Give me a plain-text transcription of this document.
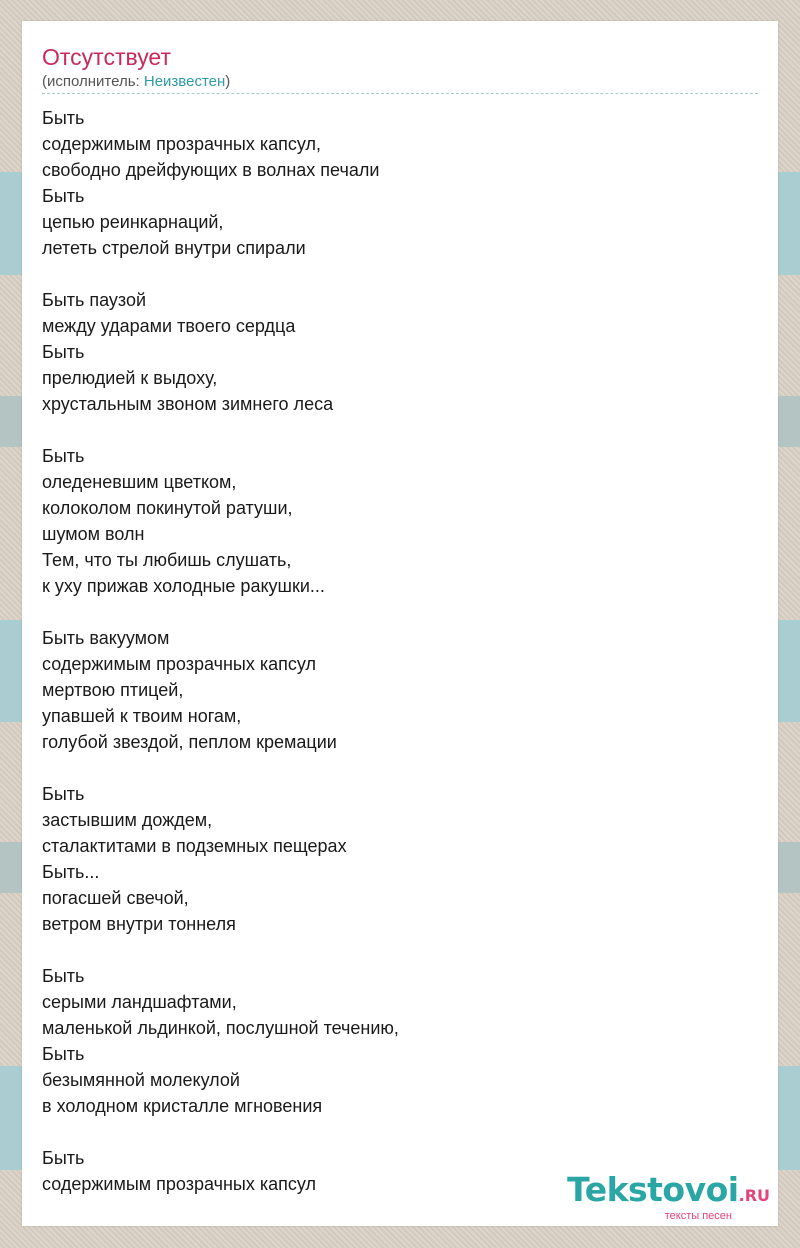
Отсутствует
(исполнитель: Неизвестен)
Быть
содержимым прозрачных капсул,
свободно дрейфующих в волнах печали
Быть
цепью реинкарнаций,
лететь стрелой внутри спирали
Быть паузой
между ударами твоего сердца
Быть
прелюдией к выдоху,
хрустальным звоном зимнего леса
Быть
оледеневшим цветком,
колоколом покинутой ратуши,
шумом волн
Тем, что ты любишь слушать,
к уху прижав холодные ракушки...
Быть вакуумом
содержимым прозрачных капсул
мертвою птицей,
упавшей к твоим ногам,
голубой звездой, пеплом кремации
Быть
застывшим дождем,
сталактитами в подземных пещерах
Быть...
погасшей свечой,
ветром внутри тоннеля
Быть
серыми ландшафтами,
маленькой льдинкой, послушной течению,
Быть
безымянной молекулой
в холодном кристалле мгновения
Быть
содержимым прозрачных капсул	Tekstovoi.RU
тексты песен
